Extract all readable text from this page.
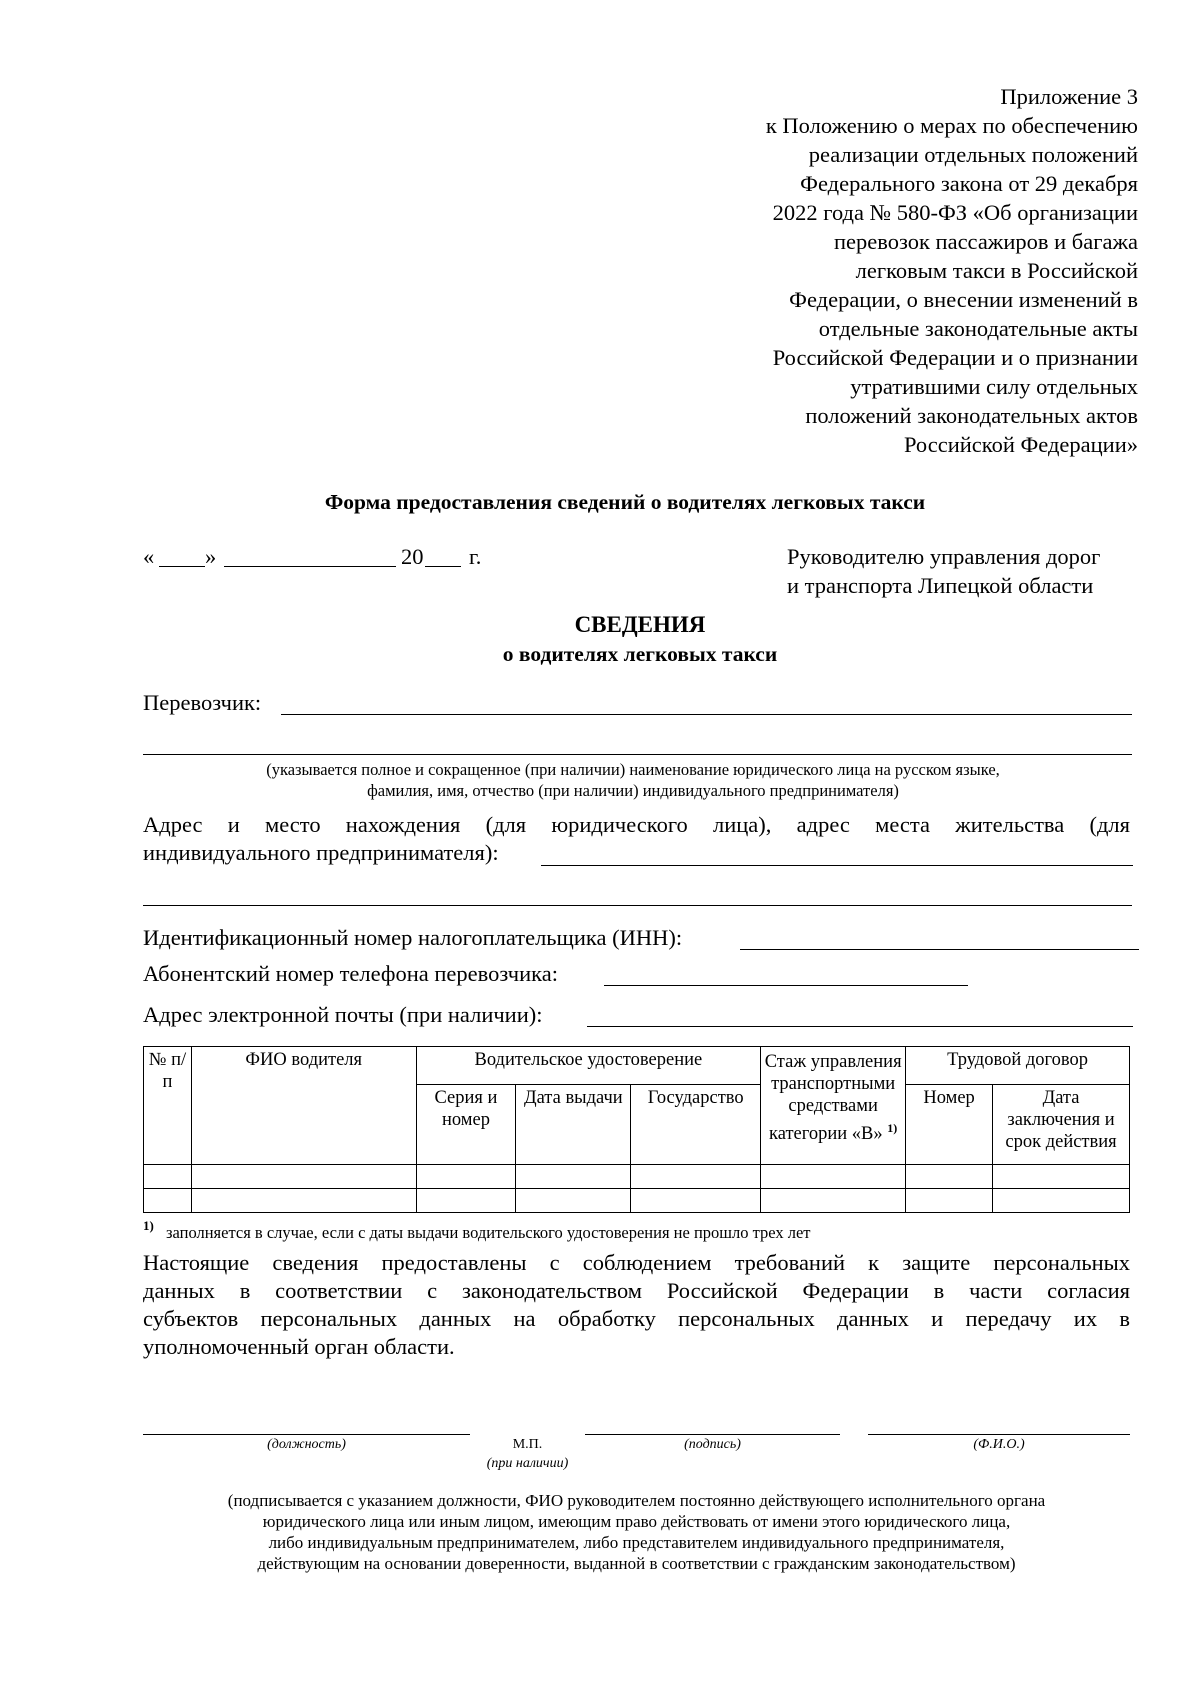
Приложение 3
к Положению о мерах по обеспечению
реализации отдельных положений
Федерального закона от 29 декабря
2022 года № 580-ФЗ «Об организации
перевозок пассажиров и багажа
легковым такси в Российской
Федерации, о внесении изменений в
отдельные законодательные акты
Российской Федерации и о признании
утратившими силу отдельных
положений законодательных актов
Российской Федерации»
Форма предоставления сведений о водителях легковых такси
« »	20 г.	Руководителю управления дорог
и транспорта Липецкой области
СВЕДЕНИЯ
о водителях легковых такси
Перевозчик:
(указывается полное и сокращенное (при наличии) наименование юридического лица на русском языке,
фамилия, имя, отчество (при наличии) индивидуального предпринимателя)
Адрес и место нахождения (для юридического лица), адрес места жительства (для
индивидуального предпринимателя):
Идентификационный номер налогоплательщика (ИНН):
Абонентский номер телефона перевозчика:
Адрес электронной почты (при наличии):
№ п/п	ФИО водителя	Водительское удостоверение			Стаж управления транспортными средствами категории «В» $^{1)}$	Трудовой договор	
		Серия и номер	Дата выдачи	Государство		Номер	Дата заключения и срок действия

1) заполняется в случае, если с даты выдачи водительского удостоверения не прошло трех лет
Настоящие сведения предоставлены с соблюдением требований к защите персональных
данных в соответствии с законодательством Российской Федерации в части согласия
субъектов персональных данных на обработку персональных данных и передачу их в
уполномоченный орган области.
(должность)	М.П.
(при наличии)
(подпись)	(Ф.И.О.)
(подписывается с указанием должности, ФИО руководителем постоянно действующего исполнительного органа
юридического лица или иным лицом, имеющим право действовать от имени этого юридического лица,
либо индивидуальным предпринимателем, либо представителем индивидуального предпринимателя,
действующим на основании доверенности, выданной в соответствии с гражданским законодательством)
